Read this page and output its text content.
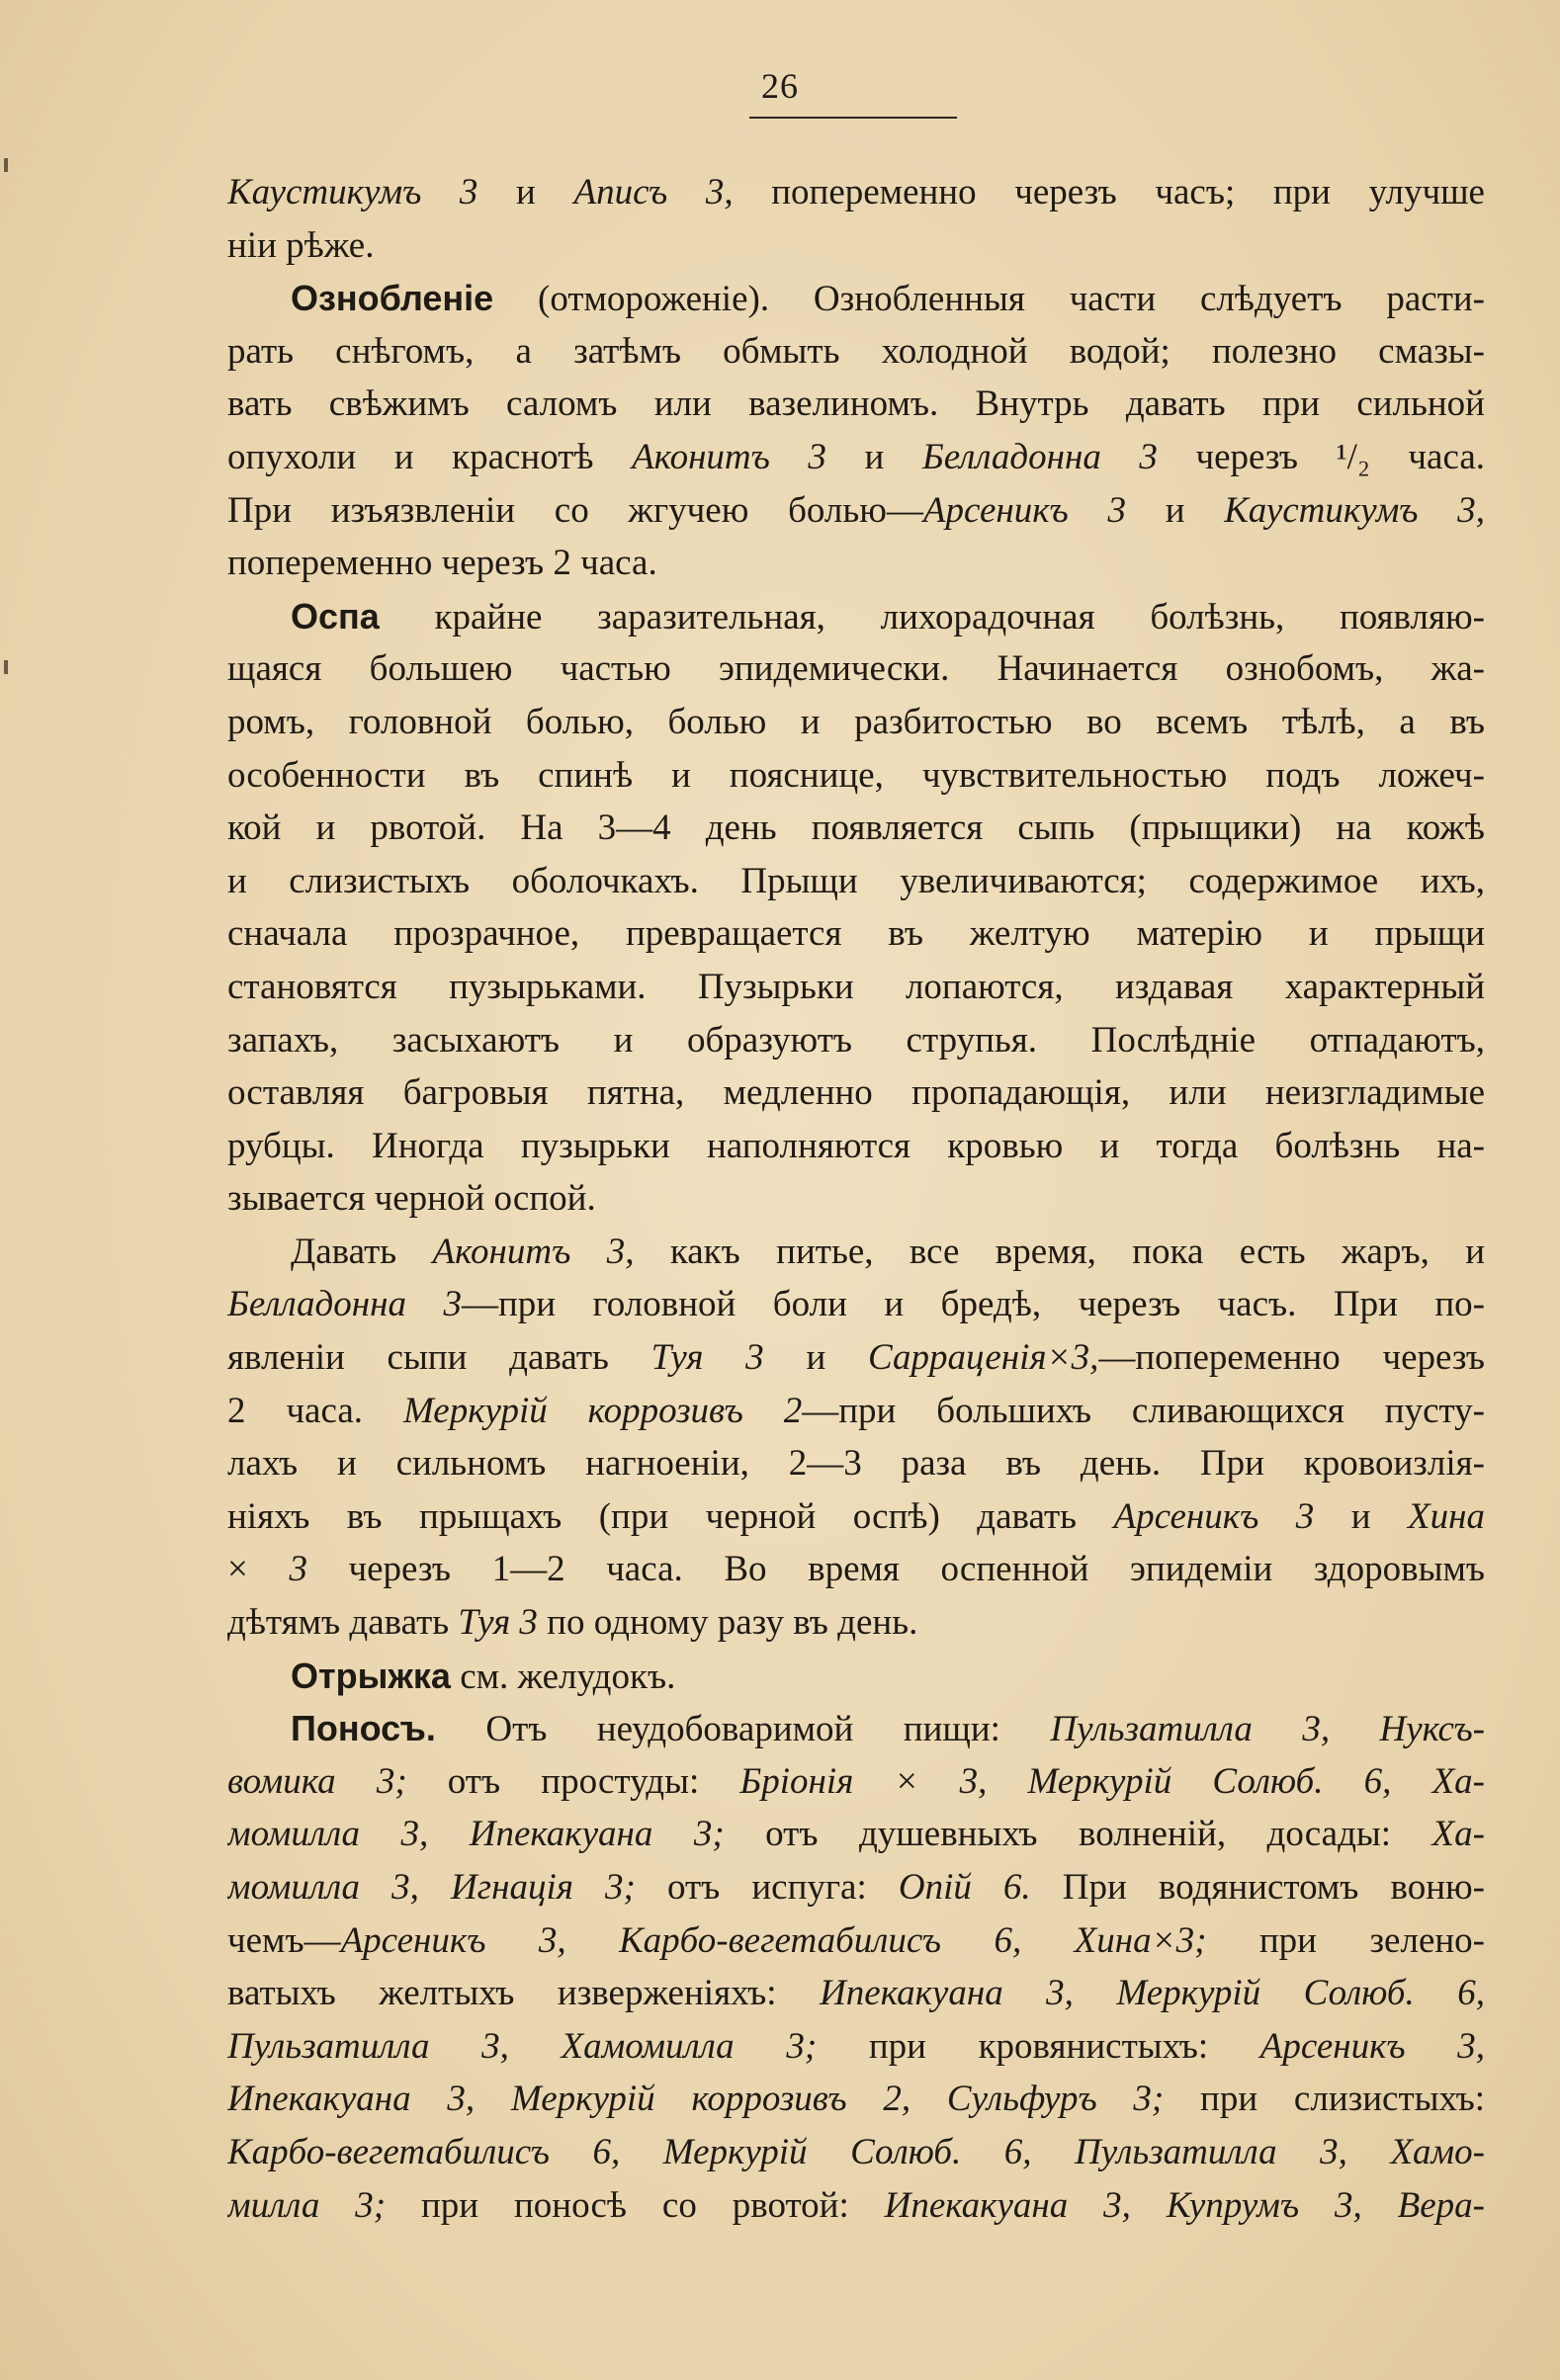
26
Каустикумъ 3 и Аписъ 3, попеременно черезъ часъ; при улучше
нiи рѣже.
Ознобленiе (отмороженiе). Ознобленныя части слѣдуетъ расти-
рать снѣгомъ, а затѣмъ обмыть холодной водой; полезно смазы-
вать свѣжимъ саломъ или вазелиномъ. Внутрь давать при сильной
опухоли и краснотѣ Аконитъ 3 и Белладонна 3 черезъ ¹/₂ часа.
При изъязвленiи со жгучею болью—Арсеникъ 3 и Каустикумъ 3,
попеременно черезъ 2 часа.
Оспа крайне заразительная, лихорадочная болѣзнь, появляю-
щаяся большею частью эпидемически. Начинается ознобомъ, жа-
ромъ, головной болью, болью и разбитостью во всемъ тѣлѣ, а въ
особенности въ спинѣ и пояснице, чувствительностью подъ ложеч-
кой и рвотой. На 3—4 день появляется сыпь (прыщики) на кожѣ
и слизистыхъ оболочкахъ. Прыщи увеличиваются; содержимое ихъ,
сначала прозрачное, превращается въ желтую матерiю и прыщи
становятся пузырьками. Пузырьки лопаются, издавая характерный
запахъ, засыхаютъ и образуютъ струпья. Послѣднiе отпадаютъ,
оставляя багровыя пятна, медленно пропадающiя, или неизгладимые
рубцы. Иногда пузырьки наполняются кровью и тогда болѣзнь на-
зывается черной оспой.
Давать Аконитъ 3, какъ питье, все время, пока есть жаръ, и
Белладонна 3—при головной боли и бредѣ, черезъ часъ. При по-
явленiи сыпи давать Туя 3 и Сарраценiя×3,—попеременно черезъ
2 часа. Меркурiй коррозивъ 2—при большихъ сливающихся пусту-
лахъ и сильномъ нагноенiи, 2—3 раза въ день. При кровоизлiя-
нiяхъ въ прыщахъ (при черной оспѣ) давать Арсеникъ 3 и Хина
× 3 черезъ 1—2 часа. Во время оспенной эпидемiи здоровымъ
дѣтямъ давать Туя 3 по одному разу въ день.
Отрыжка см. желудокъ.
Поносъ. Отъ неудобоваримой пищи: Пульзатилла 3, Нуксъ-
вомика 3; отъ простуды: Брiонiя × 3, Меркурiй Солюб. 6, Ха-
момилла 3, Ипекакуана 3; отъ душевныхъ волненiй, досады: Ха-
момилла 3, Игнацiя 3; отъ испуга: Опiй 6. При водянистомъ воню-
чемъ—Арсеникъ 3, Карбо-вегетабилисъ 6, Хина×3; при зелено-
ватыхъ желтыхъ изверженiяхъ: Ипекакуана 3, Меркурiй Солюб. 6,
Пульзатилла 3, Хамомилла 3; при кровянистыхъ: Арсеникъ 3,
Ипекакуана 3, Меркурiй коррозивъ 2, Сульфуръ 3; при слизистыхъ:
Карбо-вегетабилисъ 6, Меркурiй Солюб. 6, Пульзатилла 3, Хамо-
милла 3; при поносѣ со рвотой: Ипекакуана 3, Купрумъ 3, Вера-
